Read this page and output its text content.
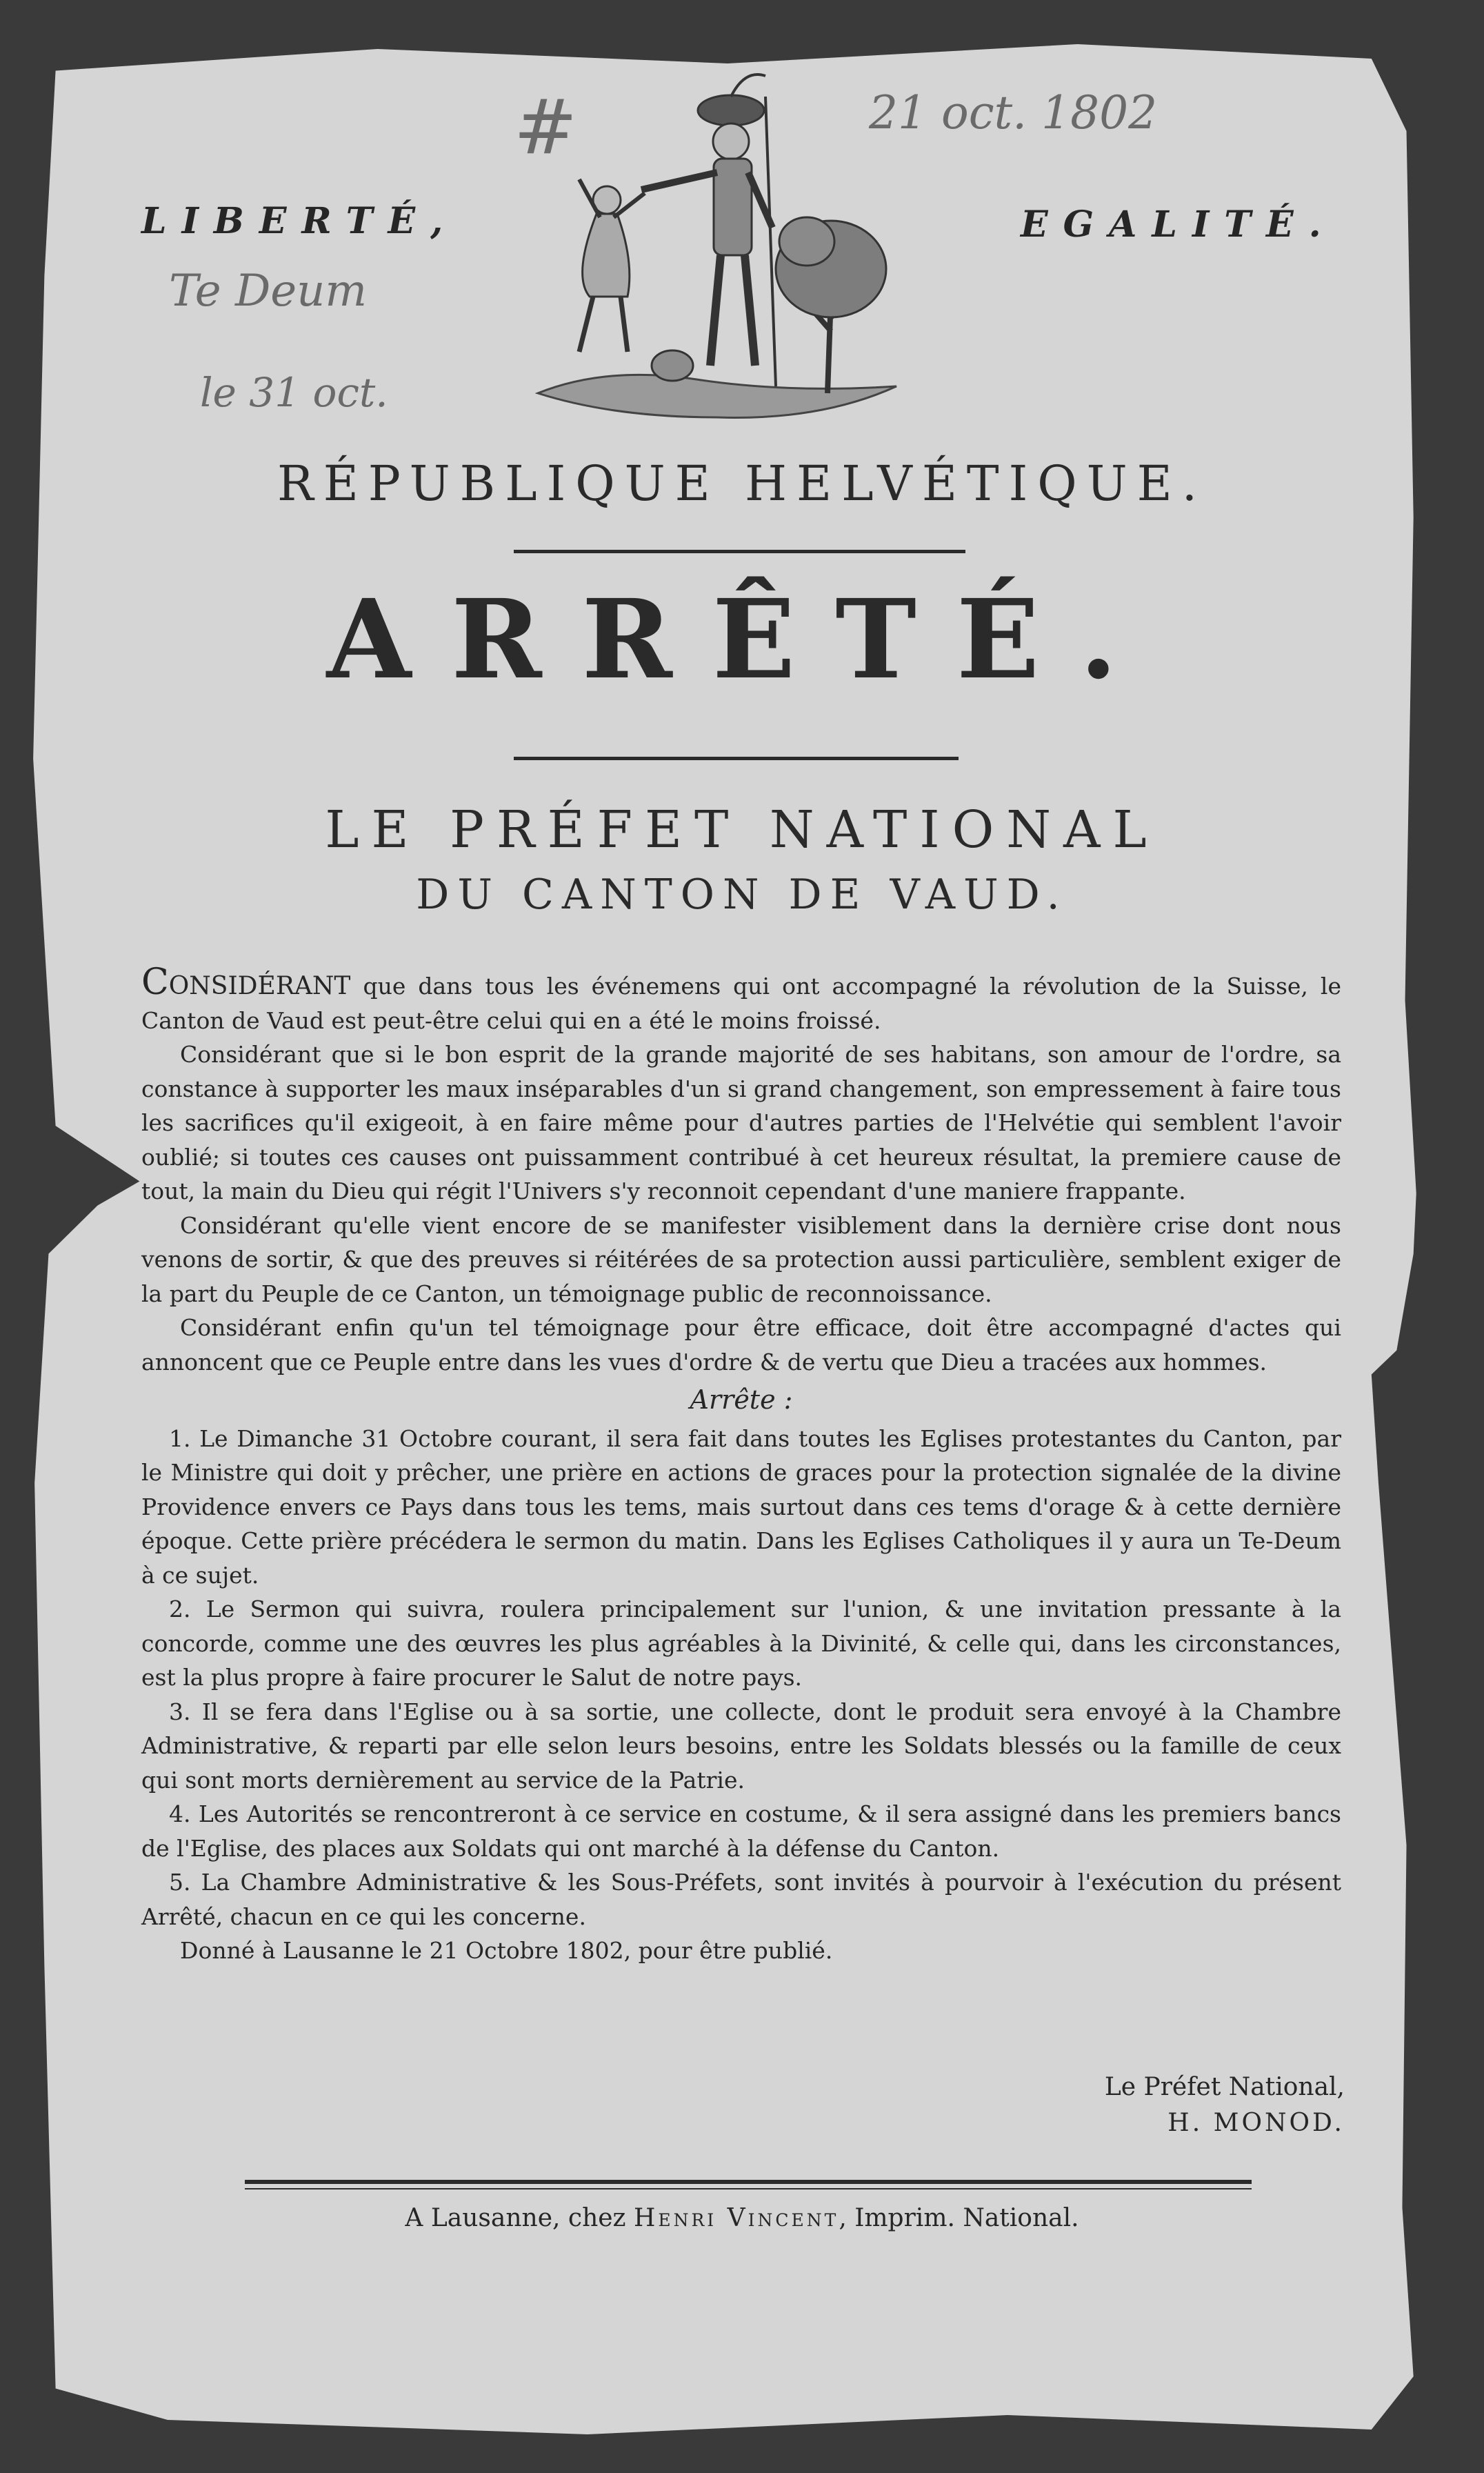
#	21 oct. 1802
Te Deum
le 31 oct.
LIBERTÉ,	EGALITÉ.
RÉPUBLIQUE HELVÉTIQUE.
ARRÊTÉ.
LE PRÉFET NATIONAL
DU CANTON DE VAUD.

Considérant que dans tous les événemens qui ont accompagné la révolution de la Suisse, le Canton de Vaud est peut-être celui qui en a été le moins froissé.

Considérant que si le bon esprit de la grande majorité de ses habitans, son amour de l'ordre, sa constance à supporter les maux inséparables d'un si grand changement, son empressement à faire tous les sacrifices qu'il exigeoit, à en faire même pour d'autres parties de l'Helvétie qui semblent l'avoir oublié; si toutes ces causes ont puissamment contribué à cet heureux résultat, la premiere cause de tout, la main du Dieu qui régit l'Univers s'y reconnoit cependant d'une maniere frappante.

Considérant qu'elle vient encore de se manifester visiblement dans la dernière crise dont nous venons de sortir, & que des preuves si réitérées de sa protection aussi particulière, semblent exiger de la part du Peuple de ce Canton, un témoignage public de reconnoissance.

Considérant enfin qu'un tel témoignage pour être efficace, doit être accompagné d'actes qui annoncent que ce Peuple entre dans les vues d'ordre & de vertu que Dieu a tracées aux hommes.

Arrête :

1. Le Dimanche 31 Octobre courant, il sera fait dans toutes les Eglises protestantes du Canton, par le Ministre qui doit y prêcher, une prière en actions de graces pour la protection signalée de la divine Providence envers ce Pays dans tous les tems, mais surtout dans ces tems d'orage & à cette dernière époque. Cette prière précédera le sermon du matin. Dans les Eglises Catholiques il y aura un Te-Deum à ce sujet.

2. Le Sermon qui suivra, roulera principalement sur l'union, & une invitation pressante à la concorde, comme une des œuvres les plus agréables à la Divinité, & celle qui, dans les circonstances, est la plus propre à faire procurer le Salut de notre pays.

3. Il se fera dans l'Eglise ou à sa sortie, une collecte, dont le produit sera envoyé à la Chambre Administrative, & reparti par elle selon leurs besoins, entre les Soldats blessés ou la famille de ceux qui sont morts dernièrement au service de la Patrie.

4. Les Autorités se rencontreront à ce service en costume, & il sera assigné dans les premiers bancs de l'Eglise, des places aux Soldats qui ont marché à la défense du Canton.

5. La Chambre Administrative & les Sous-Préfets, sont invités à pourvoir à l'exécution du présent Arrêté, chacun en ce qui les concerne.

Donné à Lausanne le 21 Octobre 1802, pour être publié.

Le Préfet National,
H. MONOD.
A Lausanne, chez Henri Vincent, Imprim. National.
